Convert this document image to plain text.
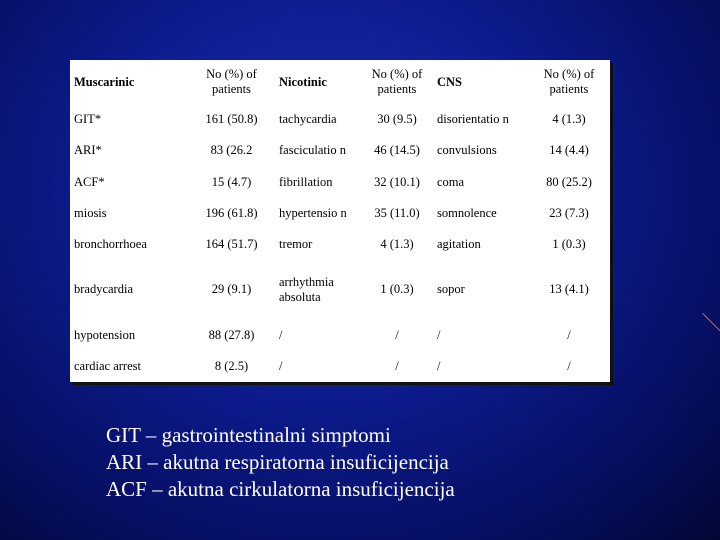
Muscarinic	No (%) of patients	Nicotinic	No (%) of patients	CNS	No (%) of patients
GIT*	161 (50.8)	tachycardia	30 (9.5)	disorientatio n	4 (1.3)
ARI*	83 (26.2	fasciculatio n	46 (14.5)	convulsions	14 (4.4)
ACF*	15 (4.7)	fibrillation	32 (10.1)	coma	80 (25.2)
miosis	196 (61.8)	hypertensio n	35 (11.0)	somnolence	23 (7.3)
bronchorrhoea	164 (51.7)	tremor	4 (1.3)	agitation	1 (0.3)
bradycardia	29 (9.1)	arrhythmia absoluta	1 (0.3)	sopor	13 (4.1)
hypotension	88 (27.8)	/	/	/	/
cardiac arrest	8 (2.5)	/	/	/	/
GIT – gastrointestinalni simptomi
ARI – akutna respiratorna insuficijencija
ACF – akutna cirkulatorna insuficijencija
